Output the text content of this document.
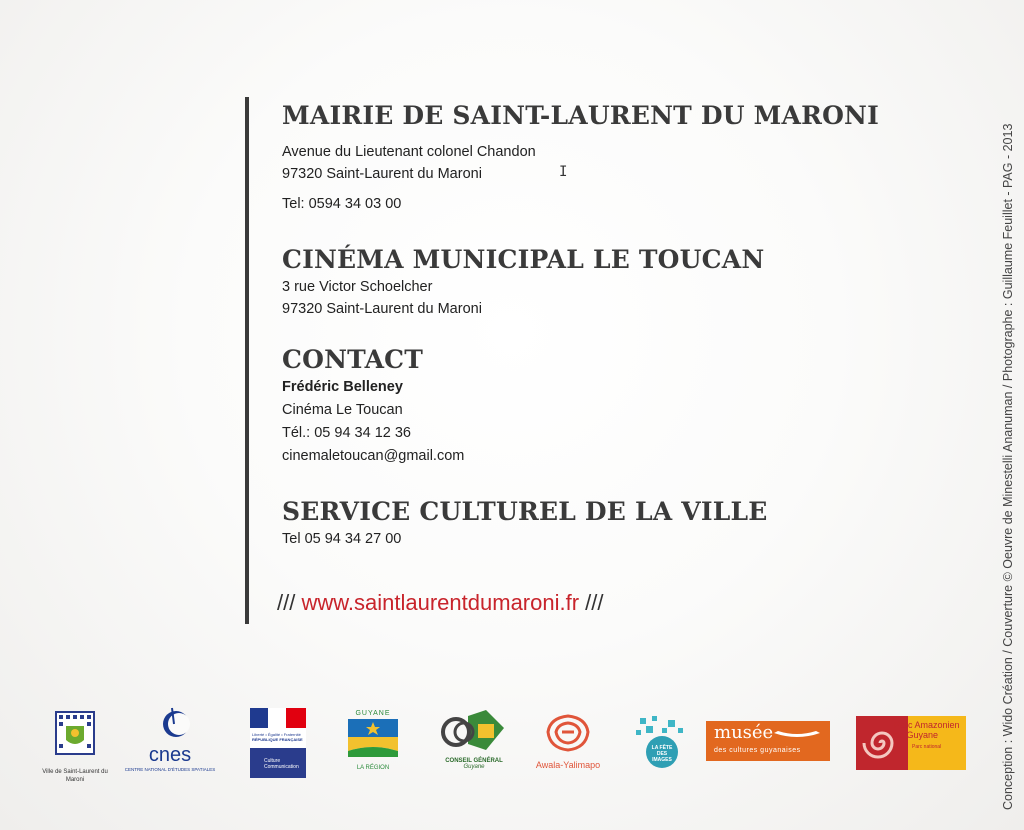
MAIRIE DE SAINT-LAURENT DU MARONI

Avenue du Lieutenant colonel Chandon

97320 Saint-Laurent du Maroni

Tel: 0594 34 03 00

CINÉMA MUNICIPAL LE TOUCAN

3 rue Victor Schoelcher

97320 Saint-Laurent du Maroni

CONTACT

Frédéric Belleney

Cinéma Le Toucan

Tél.: 05 94 34 12 36

cinemaletoucan@gmail.com

SERVICE CULTUREL DE LA VILLE

Tel 05 94 34 27 00

/// www.saintlaurentdumaroni.fr ///
I	Conception : Wido Création / Couverture © Oeuvre de Minestelli Ananuman / Photographe : Guillaume Feuillet - PAG - 2013
Ville de Saint-Laurent du Maroni
cnes
CENTRE NATIONAL D'ÉTUDES SPATIALES
Liberté • Égalité • Fraternité
RÉPUBLIQUE FRANÇAISE
Culture Communication
GUYANE
LA RÉGION
CONSEIL GÉNÉRAL
Guyane	Awala-Yalimapo
LA FÊTE DES IMAGES
musée
des cultures guyanaises
Parc Amazonien de Guyane
Parc national
